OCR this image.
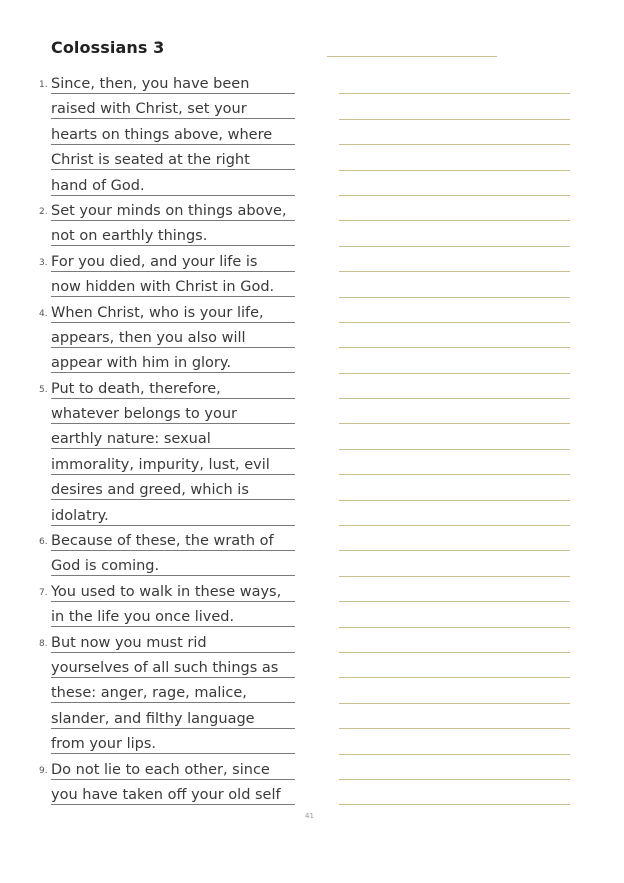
Colossians 3
1. Since, then, you have been
raised with Christ, set your
hearts on things above, where
Christ is seated at the right
hand of God.
2. Set your minds on things above,
not on earthly things.
3. For you died, and your life is
now hidden with Christ in God.
4. When Christ, who is your life,
appears, then you also will
appear with him in glory.
5. Put to death, therefore,
whatever belongs to your
earthly nature: sexual
immorality, impurity, lust, evil
desires and greed, which is
idolatry.
6. Because of these, the wrath of
God is coming.
7. You used to walk in these ways,
in the life you once lived.
8. But now you must rid
yourselves of all such things as
these: anger, rage, malice,
slander, and filthy language
from your lips.
9. Do not lie to each other, since
you have taken off your old self
41
